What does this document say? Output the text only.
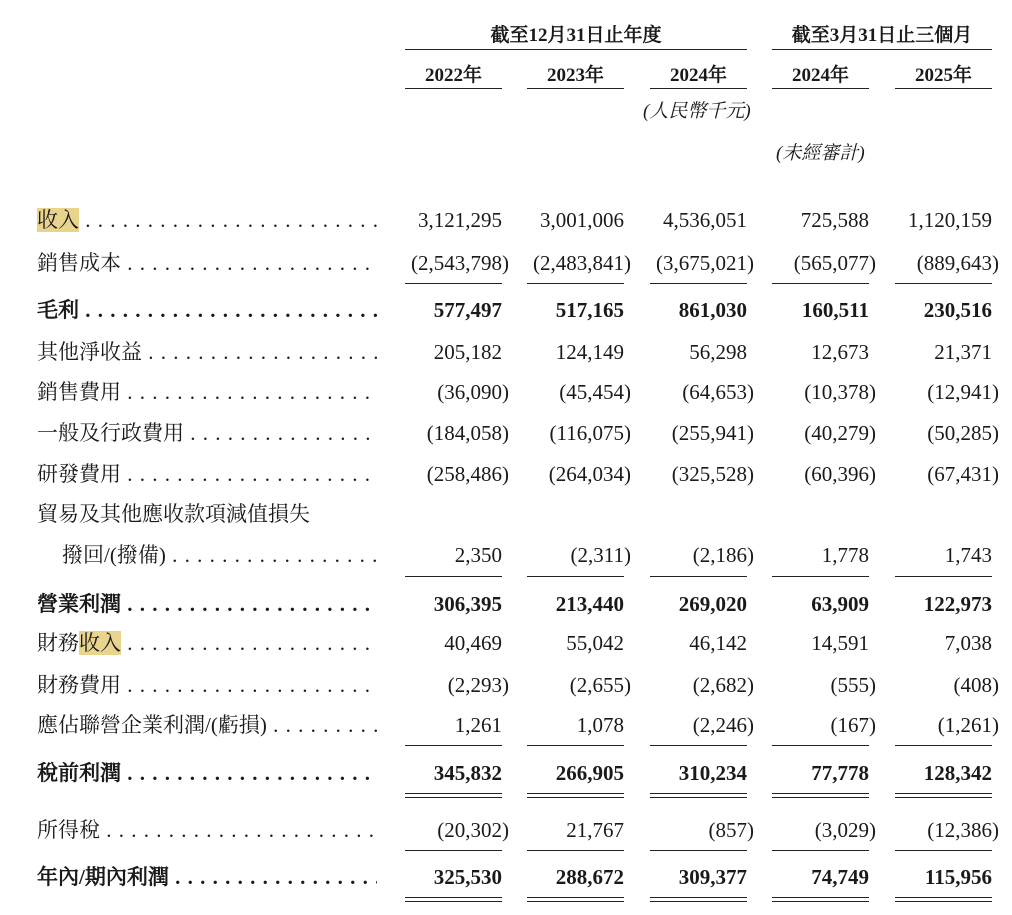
截至12月31日止年度	截至3月31日止三個月
2022年	2023年	2024年	2024年	2025年
(人民幣千元)
(未經審計)
收入 . . .	3,121,295	3,001,006	4,536,051	725,588	1,120,159
銷售成本 . . .	(2,543,798)	(2,483,841)	(3,675,021)	(565,077)	(889,643)
毛利 . . .	577,497	517,165	861,030	160,511	230,516
其他淨收益 . . .	205,182	124,149	56,298	12,673	21,371
銷售費用 . . .	(36,090)	(45,454)	(64,653)	(10,378)	(12,941)
一般及行政費用 . . .	(184,058)	(116,075)	(255,941)	(40,279)	(50,285)
研發費用 . . .	(258,486)	(264,034)	(325,528)	(60,396)	(67,431)
貿易及其他應收款項減值損失
撥回/(撥備) . . .	2,350	(2,311)	(2,186)	1,778	1,743
營業利潤 . . .	306,395	213,440	269,020	63,909	122,973
財務收入 . . .	40,469	55,042	46,142	14,591	7,038
財務費用 . . .	(2,293)	(2,655)	(2,682)	(555)	(408)
應佔聯營企業利潤/(虧損) . . .	1,261	1,078	(2,246)	(167)	(1,261)
稅前利潤 . . .	345,832	266,905	310,234	77,778	128,342
所得稅 . . .	(20,302)	21,767	(857)	(3,029)	(12,386)
年內/期內利潤 . . .	325,530	288,672	309,377	74,749	115,956
